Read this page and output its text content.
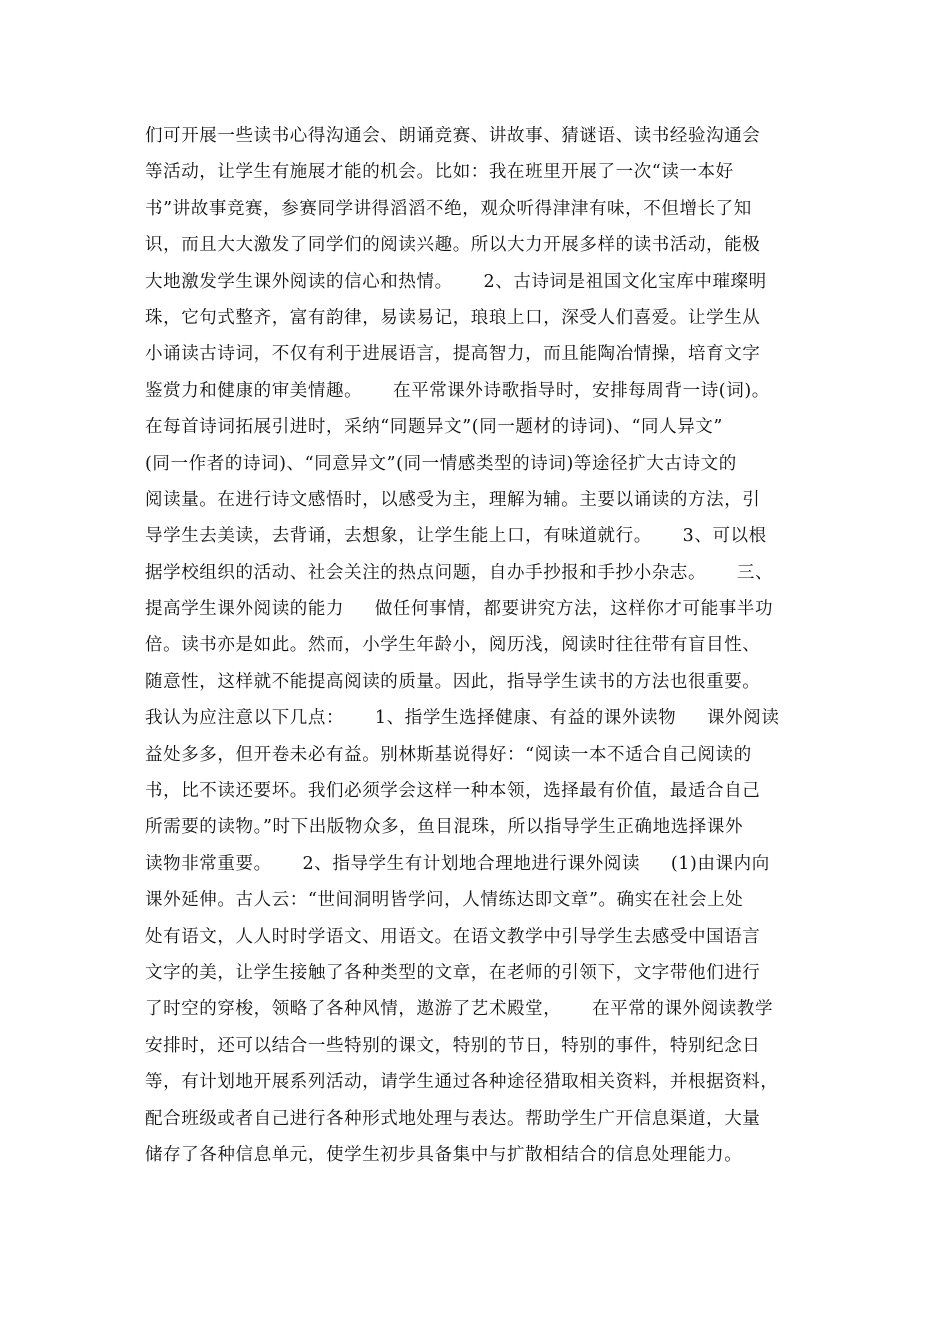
们可开展一些读书心得沟通会、朗诵竞赛、讲故事、猜谜语、读书经验沟通会
等活动，让学生有施展才能的机会。比如：我在班里开展了一次“读一本好
书”讲故事竞赛，参赛同学讲得滔滔不绝，观众听得津津有味，不但增长了知
识，而且大大激发了同学们的阅读兴趣。所以大力开展多样的读书活动，能极
大地激发学生课外阅读的信心和热情。     2、古诗词是祖国文化宝库中璀璨明
珠，它句式整齐，富有韵律，易读易记，琅琅上口，深受人们喜爱。让学生从
小诵读古诗词，不仅有利于进展语言，提高智力，而且能陶冶情操，培育文字
鉴赏力和健康的审美情趣。     在平常课外诗歌指导时，安排每周背一诗(词)。
在每首诗词拓展引进时，采纳“同题异文”(同一题材的诗词)、“同人异文”
(同一作者的诗词)、“同意异文”(同一情感类型的诗词)等途径扩大古诗文的
阅读量。在进行诗文感悟时，以感受为主，理解为辅。主要以诵读的方法，引
导学生去美读，去背诵，去想象，让学生能上口，有味道就行。     3、可以根
据学校组织的活动、社会关注的热点问题，自办手抄报和手抄小杂志。     三、
提高学生课外阅读的能力     做任何事情，都要讲究方法，这样你才可能事半功
倍。读书亦是如此。然而，小学生年龄小，阅历浅，阅读时往往带有盲目性、
随意性，这样就不能提高阅读的质量。因此，指导学生读书的方法也很重要。
我认为应注意以下几点：     1、指学生选择健康、有益的课外读物     课外阅读
益处多多，但开卷未必有益。别林斯基说得好：“阅读一本不适合自己阅读的
书，比不读还要坏。我们必须学会这样一种本领，选择最有价值，最适合自己
所需要的读物。”时下出版物众多，鱼目混珠，所以指导学生正确地选择课外
读物非常重要。     2、指导学生有计划地合理地进行课外阅读     (1)由课内向
课外延伸。古人云：“世间洞明皆学问，人情练达即文章”。确实在社会上处
处有语文，人人时时学语文、用语文。在语文教学中引导学生去感受中国语言
文字的美，让学生接触了各种类型的文章，在老师的引领下，文字带他们进行
了时空的穿梭，领略了各种风情，遨游了艺术殿堂，     在平常的课外阅读教学
安排时，还可以结合一些特别的课文，特别的节日，特别的事件，特别纪念日
等，有计划地开展系列活动，请学生通过各种途径猎取相关资料，并根据资料，
配合班级或者自己进行各种形式地处理与表达。帮助学生广开信息渠道，大量
储存了各种信息单元，使学生初步具备集中与扩散相结合的信息处理能力。
